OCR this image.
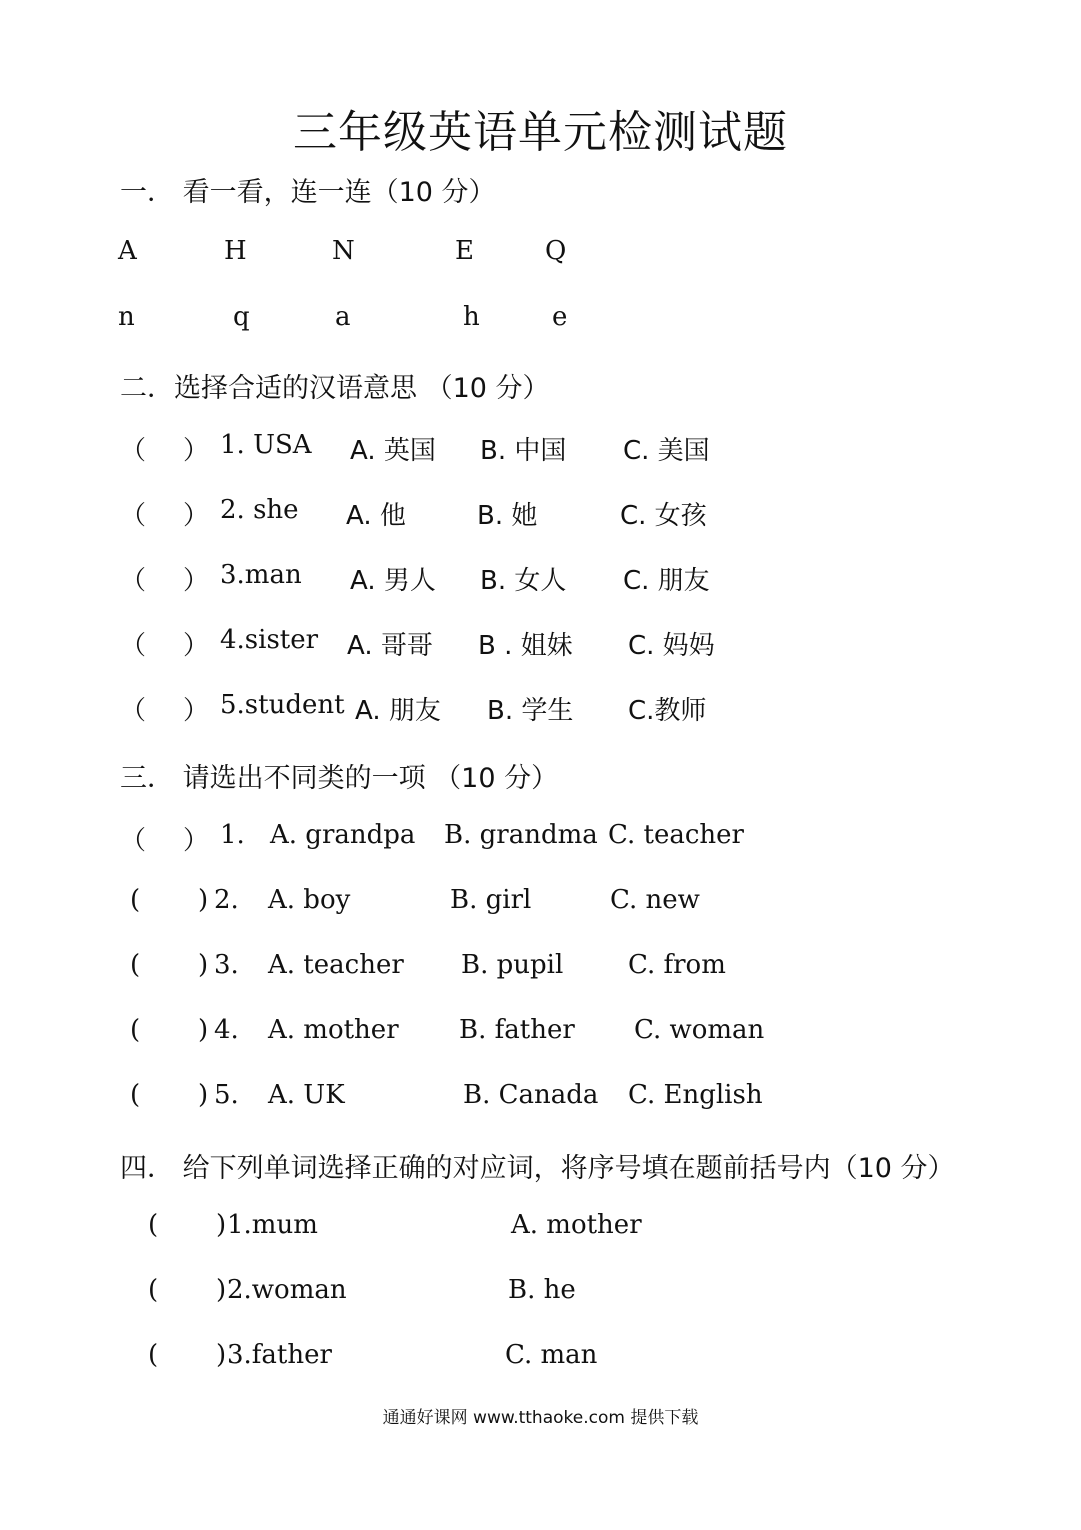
三年级英语单元检测试题
一． 看一看，连一连（10 分）
A	H	N	E	Q
n	q	a	h	e
二．选择合适的汉语意思 （10 分）
（ ） 1. USA A. 英国 B. 中国 C. 美国
（ ） 2. she A. 他	B. 她	C. 女孩
（ ） 3.man A. 男人 B. 女人 C. 朋友
（ ） 4.sister A. 哥哥 B . 姐妹 C. 妈妈
（ ） 5.student A. 朋友 B. 学生 C.教师
三． 请选出不同类的一项 （10 分）
（ ） 1. A. grandpa B. grandma C. teacher
( ) 2. A. boy	B. girl	C. new
( ) 3. A. teacher B. pupil C. from
( ) 4. A. mother B. father C. woman
( ) 5. A. UK	B. Canada C. English
四． 给下列单词选择正确的对应词，将序号填在题前括号内（10 分）
( ) 1.mum	A. mother
( ) 2.woman	B. he
( ) 3.father	C. man
通通好课网 www.tthaoke.com 提供下载
